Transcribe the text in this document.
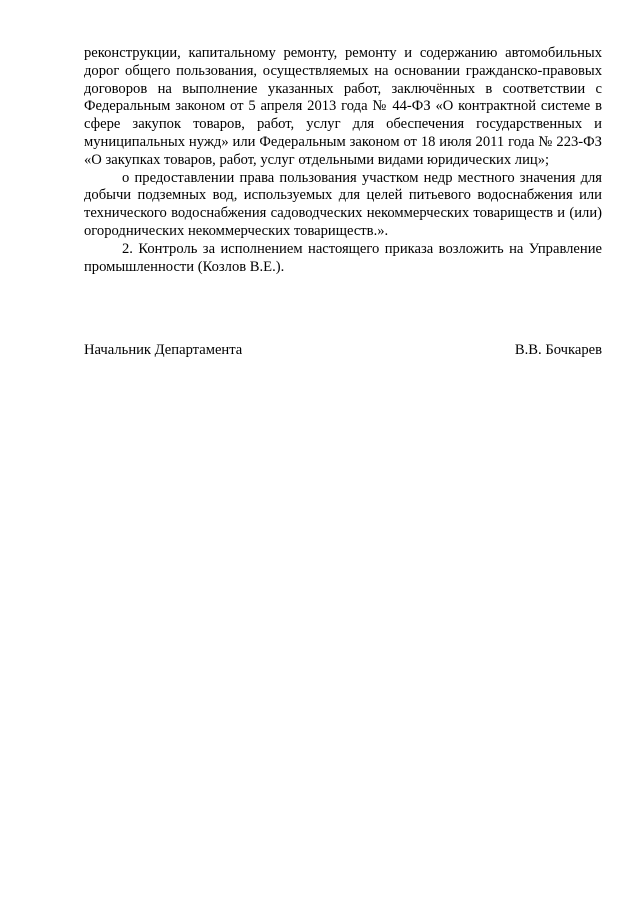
реконструкции, капитальному ремонту, ремонту и содержанию автомобильных дорог общего пользования, осуществляемых на основании гражданско-правовых договоров на выполнение указанных работ, заключённых в соответствии с Федеральным законом от 5 апреля 2013 года № 44-ФЗ «О контрактной системе в сфере закупок товаров, работ, услуг для обеспечения государственных и муниципальных нужд» или Федеральным законом от 18 июля 2011 года № 223-ФЗ «О закупках товаров, работ, услуг отдельными видами юридических лиц»;

о предоставлении права пользования участком недр местного значения для добычи подземных вод, используемых для целей питьевого водоснабжения или технического водоснабжения садоводческих некоммерческих товариществ и (или) огороднических некоммерческих товариществ.».

2. Контроль за исполнением настоящего приказа возложить на Управление промышленности (Козлов В.Е.).

Начальник Департамента	В.В. Бочкарев
